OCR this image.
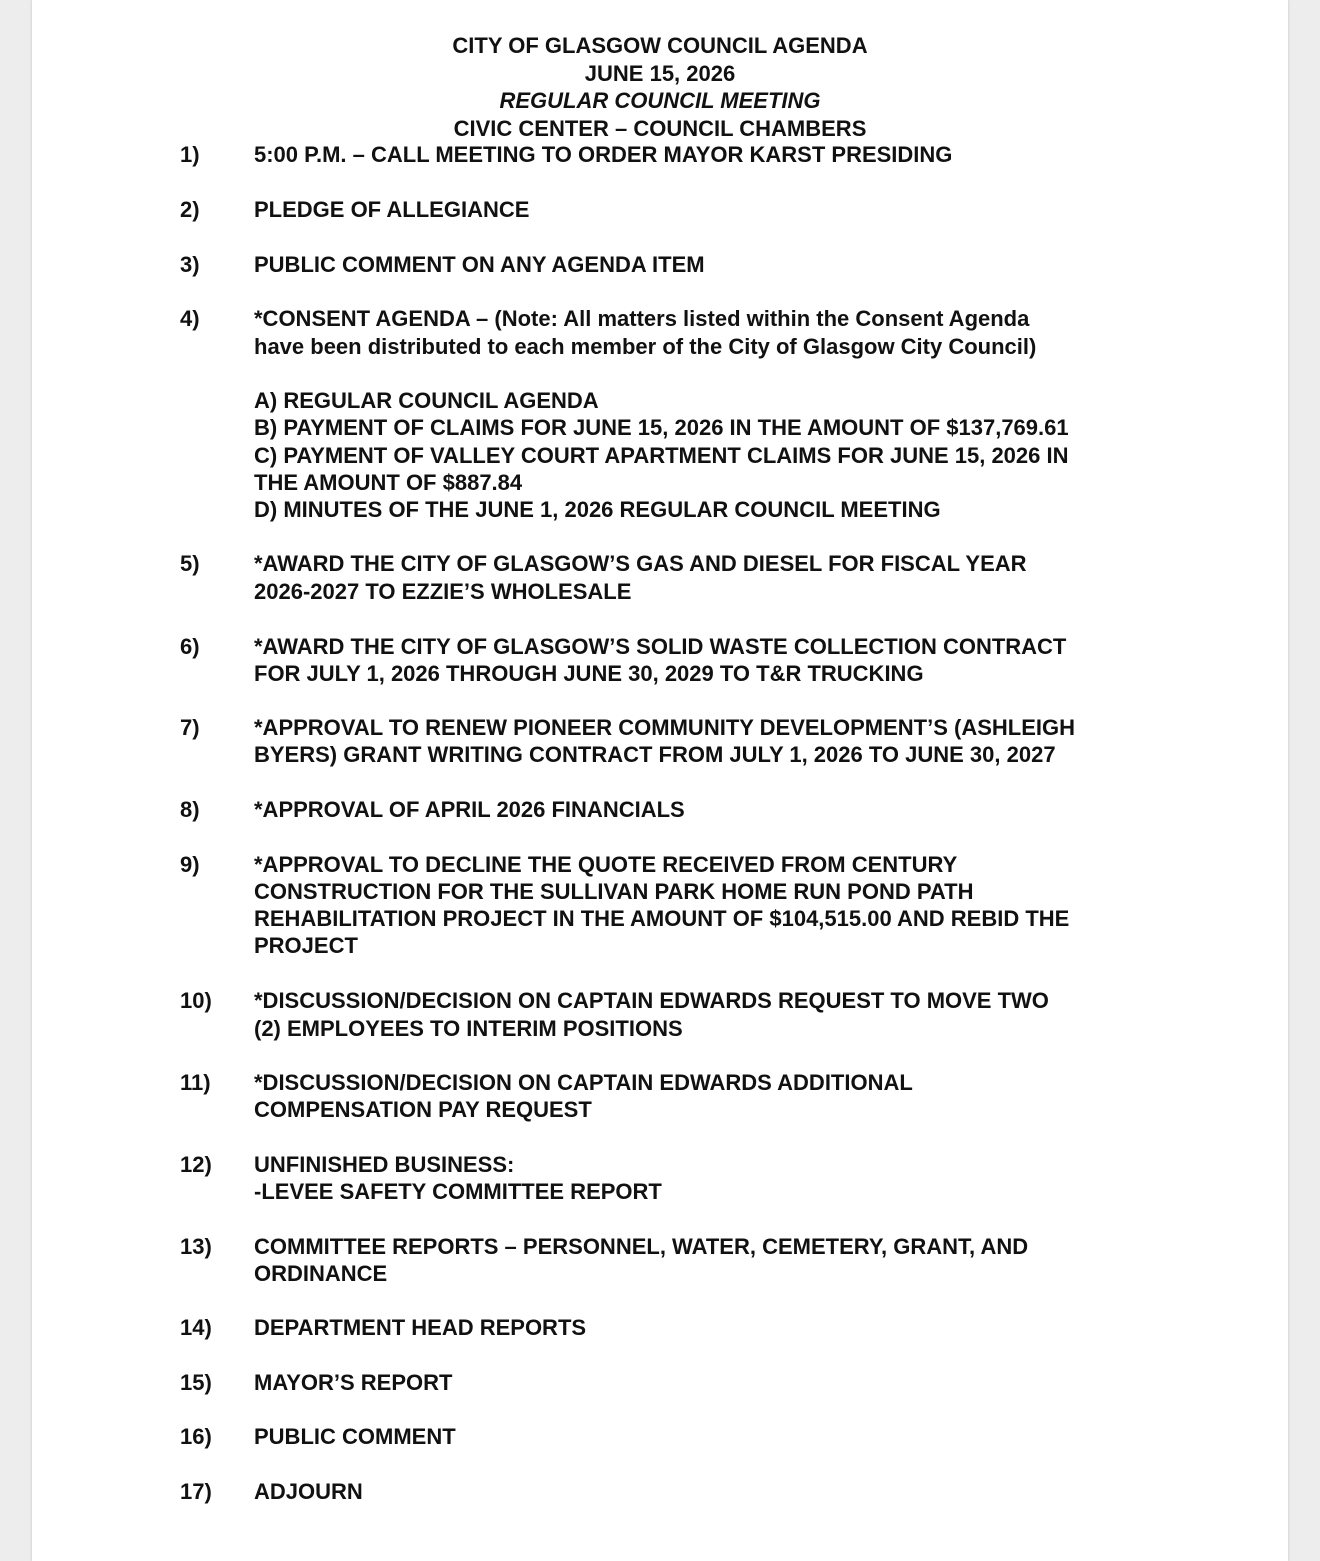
CITY OF GLASGOW COUNCIL AGENDA
JUNE 15, 2026
REGULAR COUNCIL MEETING
CIVIC CENTER – COUNCIL CHAMBERS
1) 5:00 P.M. – CALL MEETING TO ORDER MAYOR KARST PRESIDING
2) PLEDGE OF ALLEGIANCE
3) PUBLIC COMMENT ON ANY AGENDA ITEM
4) *CONSENT AGENDA – (Note: All matters listed within the Consent Agenda
have been distributed to each member of the City of Glasgow City Council)
A) REGULAR COUNCIL AGENDA
B) PAYMENT OF CLAIMS FOR JUNE 15, 2026 IN THE AMOUNT OF $137,769.61
C) PAYMENT OF VALLEY COURT APARTMENT CLAIMS FOR JUNE 15, 2026 IN
THE AMOUNT OF $887.84
D) MINUTES OF THE JUNE 1, 2026 REGULAR COUNCIL MEETING
5) *AWARD THE CITY OF GLASGOW’S GAS AND DIESEL FOR FISCAL YEAR
2026-2027 TO EZZIE’S WHOLESALE
6) *AWARD THE CITY OF GLASGOW’S SOLID WASTE COLLECTION CONTRACT
FOR JULY 1, 2026 THROUGH JUNE 30, 2029 TO T&R TRUCKING
7) *APPROVAL TO RENEW PIONEER COMMUNITY DEVELOPMENT’S (ASHLEIGH
BYERS) GRANT WRITING CONTRACT FROM JULY 1, 2026 TO JUNE 30, 2027
8) *APPROVAL OF APRIL 2026 FINANCIALS
9) *APPROVAL TO DECLINE THE QUOTE RECEIVED FROM CENTURY
CONSTRUCTION FOR THE SULLIVAN PARK HOME RUN POND PATH
REHABILITATION PROJECT IN THE AMOUNT OF $104,515.00 AND REBID THE
PROJECT
10) *DISCUSSION/DECISION ON CAPTAIN EDWARDS REQUEST TO MOVE TWO
(2) EMPLOYEES TO INTERIM POSITIONS
11) *DISCUSSION/DECISION ON CAPTAIN EDWARDS ADDITIONAL
COMPENSATION PAY REQUEST
12) UNFINISHED BUSINESS:
-LEVEE SAFETY COMMITTEE REPORT
13) COMMITTEE REPORTS – PERSONNEL, WATER, CEMETERY, GRANT, AND
ORDINANCE
14) DEPARTMENT HEAD REPORTS
15) MAYOR’S REPORT
16) PUBLIC COMMENT
17) ADJOURN
